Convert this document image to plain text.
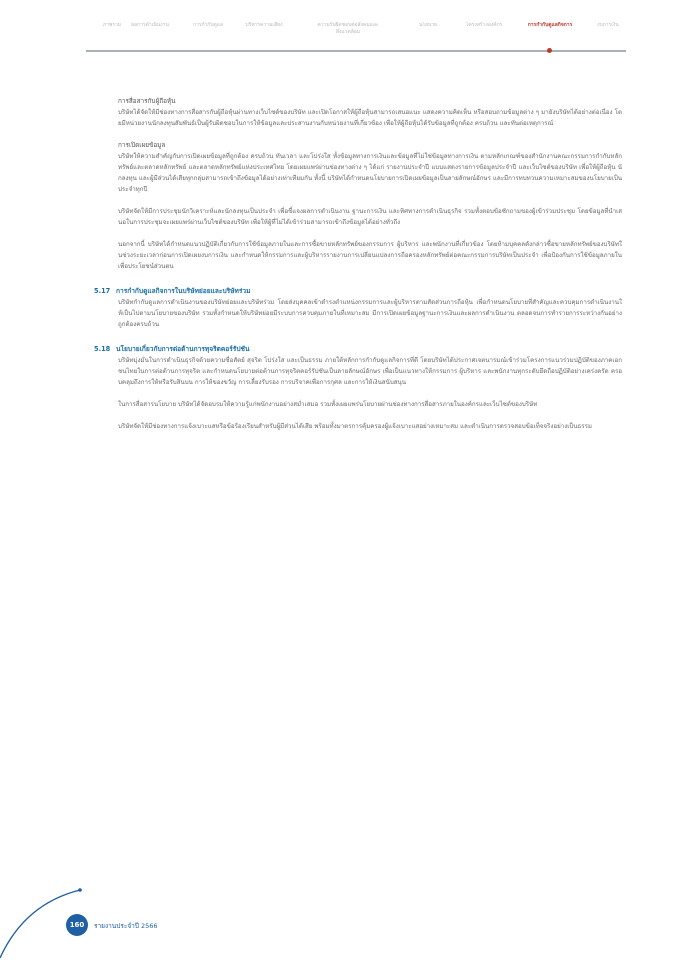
ภาพรวม	ผลการดำเนินงาน	การกำกับดูแล	บริหารความเสี่ยง	ความรับผิดชอบต่อสังคมและสิ่งแวดล้อม
นโยบาย	โครงสร้างองค์กร	การกำกับดูแลกิจการ	งบการเงิน

การสื่อสารกับผู้ถือหุ้น

บริษัทได้จัดให้มีช่องทางการสื่อสารกับผู้ถือหุ้นผ่านทางเว็บไซต์ของบริษัท และเปิดโอกาสให้ผู้ถือหุ้นสามารถเสนอแนะ แสดงความคิดเห็น หรือสอบถามข้อมูลต่าง ๆ มายังบริษัทได้อย่างต่อเนื่อง โดยมีหน่วยงานนักลงทุนสัมพันธ์เป็นผู้รับผิดชอบในการให้ข้อมูลและประสานงานกับหน่วยงานที่เกี่ยวข้อง เพื่อให้ผู้ถือหุ้นได้รับข้อมูลที่ถูกต้อง ครบถ้วน และทันต่อเหตุการณ์

การเปิดเผยข้อมูล

บริษัทให้ความสำคัญกับการเปิดเผยข้อมูลที่ถูกต้อง ครบถ้วน ทันเวลา และโปร่งใส ทั้งข้อมูลทางการเงินและข้อมูลที่ไม่ใช่ข้อมูลทางการเงิน ตามหลักเกณฑ์ของสำนักงานคณะกรรมการกำกับหลักทรัพย์และตลาดหลักทรัพย์ และตลาดหลักทรัพย์แห่งประเทศไทย โดยเผยแพร่ผ่านช่องทางต่าง ๆ ได้แก่ รายงานประจำปี แบบแสดงรายการข้อมูลประจำปี และเว็บไซต์ของบริษัท เพื่อให้ผู้ถือหุ้น นักลงทุน และผู้มีส่วนได้เสียทุกกลุ่มสามารถเข้าถึงข้อมูลได้อย่างเท่าเทียมกัน ทั้งนี้ บริษัทได้กำหนดนโยบายการเปิดเผยข้อมูลเป็นลายลักษณ์อักษร และมีการทบทวนความเหมาะสมของนโยบายเป็นประจำทุกปี

บริษัทจัดให้มีการประชุมนักวิเคราะห์และนักลงทุนเป็นประจำ เพื่อชี้แจงผลการดำเนินงาน ฐานะการเงิน และทิศทางการดำเนินธุรกิจ รวมทั้งตอบข้อซักถามของผู้เข้าร่วมประชุม โดยข้อมูลที่นำเสนอในการประชุมจะเผยแพร่ผ่านเว็บไซต์ของบริษัท เพื่อให้ผู้ที่ไม่ได้เข้าร่วมสามารถเข้าถึงข้อมูลได้อย่างทั่วถึง

นอกจากนี้ บริษัทได้กำหนดแนวปฏิบัติเกี่ยวกับการใช้ข้อมูลภายในและการซื้อขายหลักทรัพย์ของกรรมการ ผู้บริหาร และพนักงานที่เกี่ยวข้อง โดยห้ามบุคคลดังกล่าวซื้อขายหลักทรัพย์ของบริษัทในช่วงระยะเวลาก่อนการเปิดเผยงบการเงิน และกำหนดให้กรรมการและผู้บริหารรายงานการเปลี่ยนแปลงการถือครองหลักทรัพย์ต่อคณะกรรมการบริษัทเป็นประจำ เพื่อป้องกันการใช้ข้อมูลภายในเพื่อประโยชน์ส่วนตน

5.17 การกำกับดูแลกิจการในบริษัทย่อยและบริษัทร่วม

บริษัทกำกับดูแลการดำเนินงานของบริษัทย่อยและบริษัทร่วม โดยส่งบุคคลเข้าดำรงตำแหน่งกรรมการและผู้บริหารตามสัดส่วนการถือหุ้น เพื่อกำหนดนโยบายที่สำคัญและควบคุมการดำเนินงานให้เป็นไปตามนโยบายของบริษัท รวมทั้งกำหนดให้บริษัทย่อยมีระบบการควบคุมภายในที่เหมาะสม มีการเปิดเผยข้อมูลฐานะการเงินและผลการดำเนินงาน ตลอดจนการทำรายการระหว่างกันอย่างถูกต้องครบถ้วน

5.18 นโยบายเกี่ยวกับการต่อต้านการทุจริตคอร์รัปชัน

บริษัทมุ่งมั่นในการดำเนินธุรกิจด้วยความซื่อสัตย์ สุจริต โปร่งใส และเป็นธรรม ภายใต้หลักการกำกับดูแลกิจการที่ดี โดยบริษัทได้ประกาศเจตนารมณ์เข้าร่วมโครงการแนวร่วมปฏิบัติของภาคเอกชนไทยในการต่อต้านการทุจริต และกำหนดนโยบายต่อต้านการทุจริตคอร์รัปชันเป็นลายลักษณ์อักษร เพื่อเป็นแนวทางให้กรรมการ ผู้บริหาร และพนักงานทุกระดับยึดถือปฏิบัติอย่างเคร่งครัด ครอบคลุมถึงการให้หรือรับสินบน การให้ของขวัญ การเลี้ยงรับรอง การบริจาคเพื่อการกุศล และการให้เงินสนับสนุน

ในการสื่อสารนโยบาย บริษัทได้จัดอบรมให้ความรู้แก่พนักงานอย่างสม่ำเสมอ รวมทั้งเผยแพร่นโยบายผ่านช่องทางการสื่อสารภายในองค์กรและเว็บไซต์ของบริษัท

บริษัทจัดให้มีช่องทางการแจ้งเบาะแสหรือข้อร้องเรียนสำหรับผู้มีส่วนได้เสีย พร้อมทั้งมาตรการคุ้มครองผู้แจ้งเบาะแสอย่างเหมาะสม และดำเนินการตรวจสอบข้อเท็จจริงอย่างเป็นธรรม

160	รายงานประจำปี 2566
